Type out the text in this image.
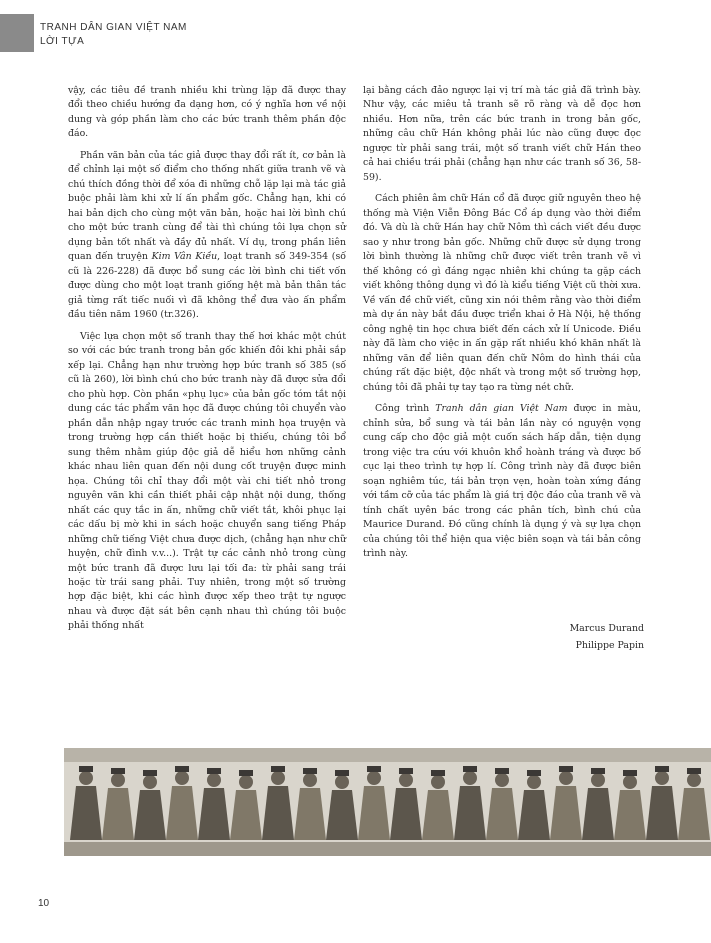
TRANH DÂN GIAN VIỆT NAM
LỜI TỰA

vậy, các tiêu đề tranh nhiều khi trùng lặp đã được thay đổi theo chiều hướng đa dạng hơn, có ý nghĩa hơn về nội dung và góp phần làm cho các bức tranh thêm phần độc đáo.

Phần văn bản của tác giả được thay đổi rất ít, cơ bản là để chỉnh lại một số điểm cho thống nhất giữa tranh vẽ và chú thích đồng thời để xóa đi những chỗ lặp lại mà tác giả buộc phải làm khi xử lí ấn phẩm gốc. Chẳng hạn, khi có hai bản dịch cho cùng một văn bản, hoặc hai lời bình chú cho một bức tranh cùng để tài thì chúng tôi lựa chọn sử dụng bản tốt nhất và đầy đủ nhất. Ví dụ, trong phần liên quan đến truyện Kim Vân Kiều, loạt tranh số 349-354 (số cũ là 226-228) đã được bổ sung các lời bình chi tiết vốn được dùng cho một loạt tranh giống hệt mà bản thân tác giả từng rất tiếc nuối vì đã không thể đưa vào ấn phẩm đầu tiên năm 1960 (tr.326).

Việc lựa chọn một số tranh thay thế hơi khác một chút so với các bức tranh trong bản gốc khiến đôi khi phải sắp xếp lại. Chẳng hạn như trường hợp bức tranh số 385 (số cũ là 260), lời bình chú cho bức tranh này đã được sửa đổi cho phù hợp. Còn phần «phụ lục» của bản gốc tóm tắt nội dung các tác phẩm văn học đã được chúng tôi chuyển vào phần dẫn nhập ngay trước các tranh minh họa truyện và trong trường hợp cần thiết hoặc bị thiếu, chúng tôi bổ sung thêm nhằm giúp độc giả dễ hiểu hơn những cảnh khác nhau liên quan đến nội dung cốt truyện được minh họa. Chúng tôi chỉ thay đổi một vài chi tiết nhỏ trong nguyên văn khi cần thiết phải cập nhật nội dung, thống nhất các quy tắc in ấn, những chữ viết tắt, khôi phục lại các dấu bị mờ khi in sách hoặc chuyển sang tiếng Pháp những chữ tiếng Việt chưa được dịch, (chẳng hạn như chữ huyện, chữ đình v.v...). Trật tự các cảnh nhỏ trong cùng một bức tranh đã được lưu lại tối đa: từ phải sang trái hoặc từ trái sang phải. Tuy nhiên, trong một số trường hợp đặc biệt, khi các hình được xếp theo trật tự ngược nhau và được đặt sát bên cạnh nhau thì chúng tôi buộc phải thống nhất

lại bằng cách đảo ngược lại vị trí mà tác giả đã trình bày. Như vậy, các miêu tả tranh sẽ rõ ràng và dễ đọc hơn nhiều. Hơn nữa, trên các bức tranh in trong bản gốc, những câu chữ Hán không phải lúc nào cũng được đọc ngược từ phải sang trái, một số tranh viết chữ Hán theo cả hai chiều trái phải (chẳng hạn như các tranh số 36, 58-59).

Cách phiên âm chữ Hán cổ đã được giữ nguyên theo hệ thống mà Viện Viễn Đông Bác Cổ áp dụng vào thời điểm đó. Và dù là chữ Hán hay chữ Nôm thì cách viết đều được sao y như trong bản gốc. Những chữ được sử dụng trong lời bình thường là những chữ được viết trên tranh vẽ vì thế không có gì đáng ngạc nhiên khi chúng ta gặp cách viết không thông dụng vì đó là kiểu tiếng Việt cũ thời xưa. Về vấn đề chữ viết, cũng xin nói thêm rằng vào thời điểm mà dự án này bắt đầu được triển khai ở Hà Nội, hệ thống công nghệ tin học chưa biết đến cách xử lí Unicode. Điều này đã làm cho việc in ấn gặp rất nhiều khó khăn nhất là những văn để liên quan đến chữ Nôm do hình thái của chúng rất đặc biệt, độc nhất và trong một số trường hợp, chúng tôi đã phải tự tay tạo ra từng nét chữ.

Công trình Tranh dân gian Việt Nam được in màu, chỉnh sửa, bổ sung và tái bản lần này có nguyện vọng cung cấp cho độc giả một cuốn sách hấp dẫn, tiện dụng trong việc tra cứu với khuôn khổ hoành tráng và được bố cục lại theo trình tự hợp lí. Công trình này đã được biên soạn nghiêm túc, tái bản trọn vẹn, hoàn toàn xứng đáng với tầm cỡ của tác phẩm là giá trị độc đáo của tranh vẽ và tính chất uyên bác trong các phân tích, bình chú của Maurice Durand. Đó cũng chính là dụng ý và sự lựa chọn của chúng tôi thể hiện qua việc biên soạn và tái bản công trình này.

Marcus Durand
Philippe Papin
10
